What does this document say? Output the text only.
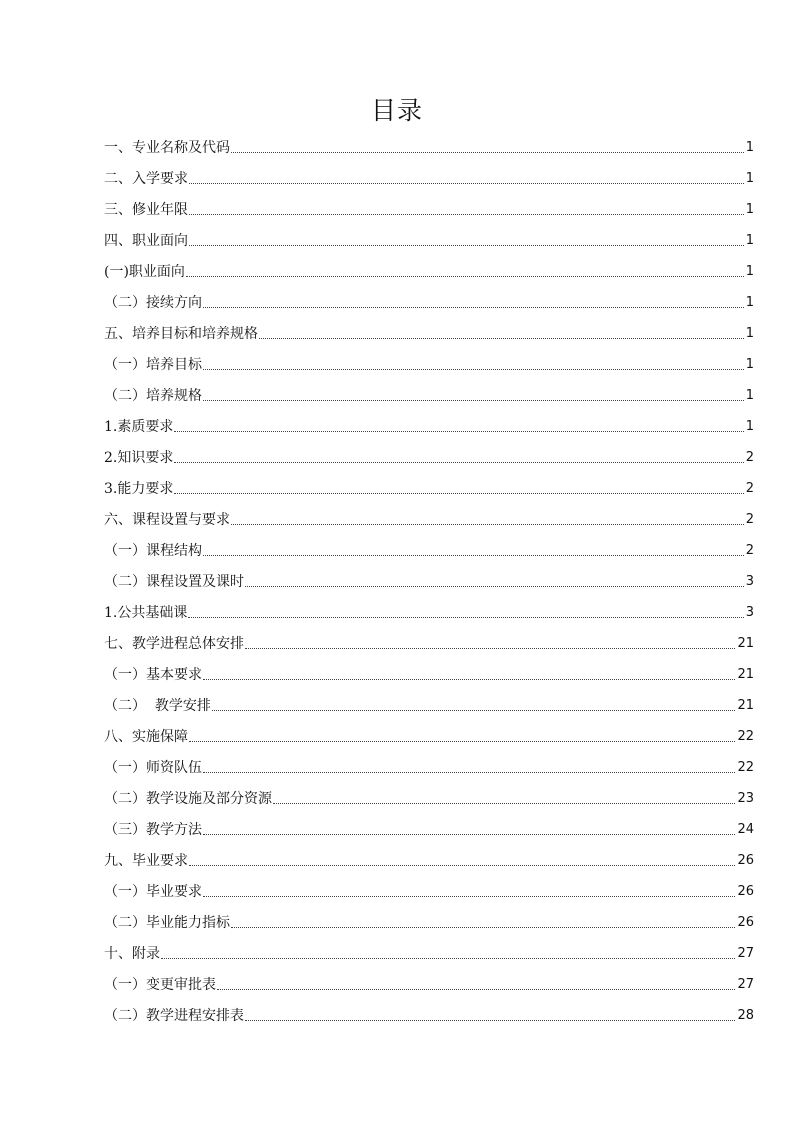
目录
一、专业名称及代码	1
二、入学要求	1
三、修业年限	1
四、职业面向	1
(一)职业面向	1
（二）接续方向	1
五、培养目标和培养规格	1
（一）培养目标	1
（二）培养规格	1
1.素质要求	1
2.知识要求	2
3.能力要求	2
六、课程设置与要求	2
（一）课程结构	2
（二）课程设置及课时	3
1.公共基础课	3
七、教学进程总体安排	21
（一）基本要求	21
（二）  教学安排	21
八、实施保障	22
（一）师资队伍	22
（二）教学设施及部分资源	23
（三）教学方法	24
九、毕业要求	26
（一）毕业要求	26
（二）毕业能力指标	26
十、附录	27
（一）变更审批表	27
（二）教学进程安排表	28
